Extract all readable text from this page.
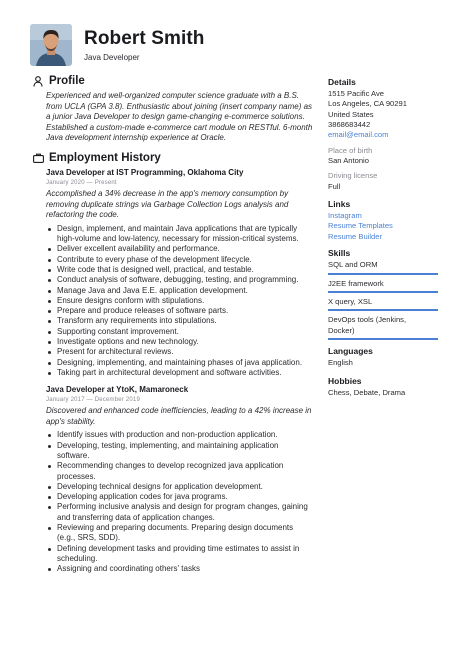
Robert Smith
Java Developer
Profile
Experienced and well-organized computer science graduate with a B.S. from UCLA (GPA 3.8). Enthusiastic about joining (insert company name) as a junior Java Developer to design game-changing e-commerce solutions. Established a custom-made e-commerce cart module on RESTful. 6-month Java development internship experience at Oracle.
Employment History
Java Developer at IST Programming, Oklahoma City
January 2020 — Present
Accomplished a 34% decrease in the app's memory consumption by removing duplicate strings via Garbage Collection Logs analysis and refactoring the code.
Design, implement, and maintain Java applications that are typically high-volume and low-latency, necessary for mission-critical systems.
Deliver excellent availability and performance.
Contribute to every phase of the development lifecycle.
Write code that is designed well, practical, and testable.
Conduct analysis of software, debugging, testing, and programming.
Manage Java and Java E.E. application development.
Ensure designs conform with stipulations.
Prepare and produce releases of software parts.
Transform any requirements into stipulations.
Supporting constant improvement.
Investigate options and new technology.
Present for architectural reviews.
Designing, implementing, and maintaining phases of java application.
Taking part in architectural development and software activities.
Java Developer at YtoK, Mamaroneck
January 2017 — December 2019
Discovered and enhanced code inefficiencies, leading to a 42% increase in app's stability.
Identify issues with production and non-production application.
Developing, testing, implementing, and maintaining application software.
Recommending changes to develop recognized java application processes.
Developing technical designs for application development.
Developing application codes for java programs.
Performing inclusive analysis and design for program changes, gaining and transferring data of application changes.
Reviewing and preparing documents. Preparing design documents (e.g., SRS, SDD).
Defining development tasks and providing time estimates to assist in scheduling.
Assigning and coordinating others' tasks
Details
1515 Pacific Ave
Los Angeles, CA 90291
United States
3868683442
email@email.com
Place of birth
San Antonio
Driving license
Full
Links
Instagram
Resume Templates
Resume Builder
Skills
SQL and ORM
J2EE framework
X query, XSL
DevOps tools (Jenkins, Docker)
Languages
English
Hobbies
Chess, Debate, Drama
